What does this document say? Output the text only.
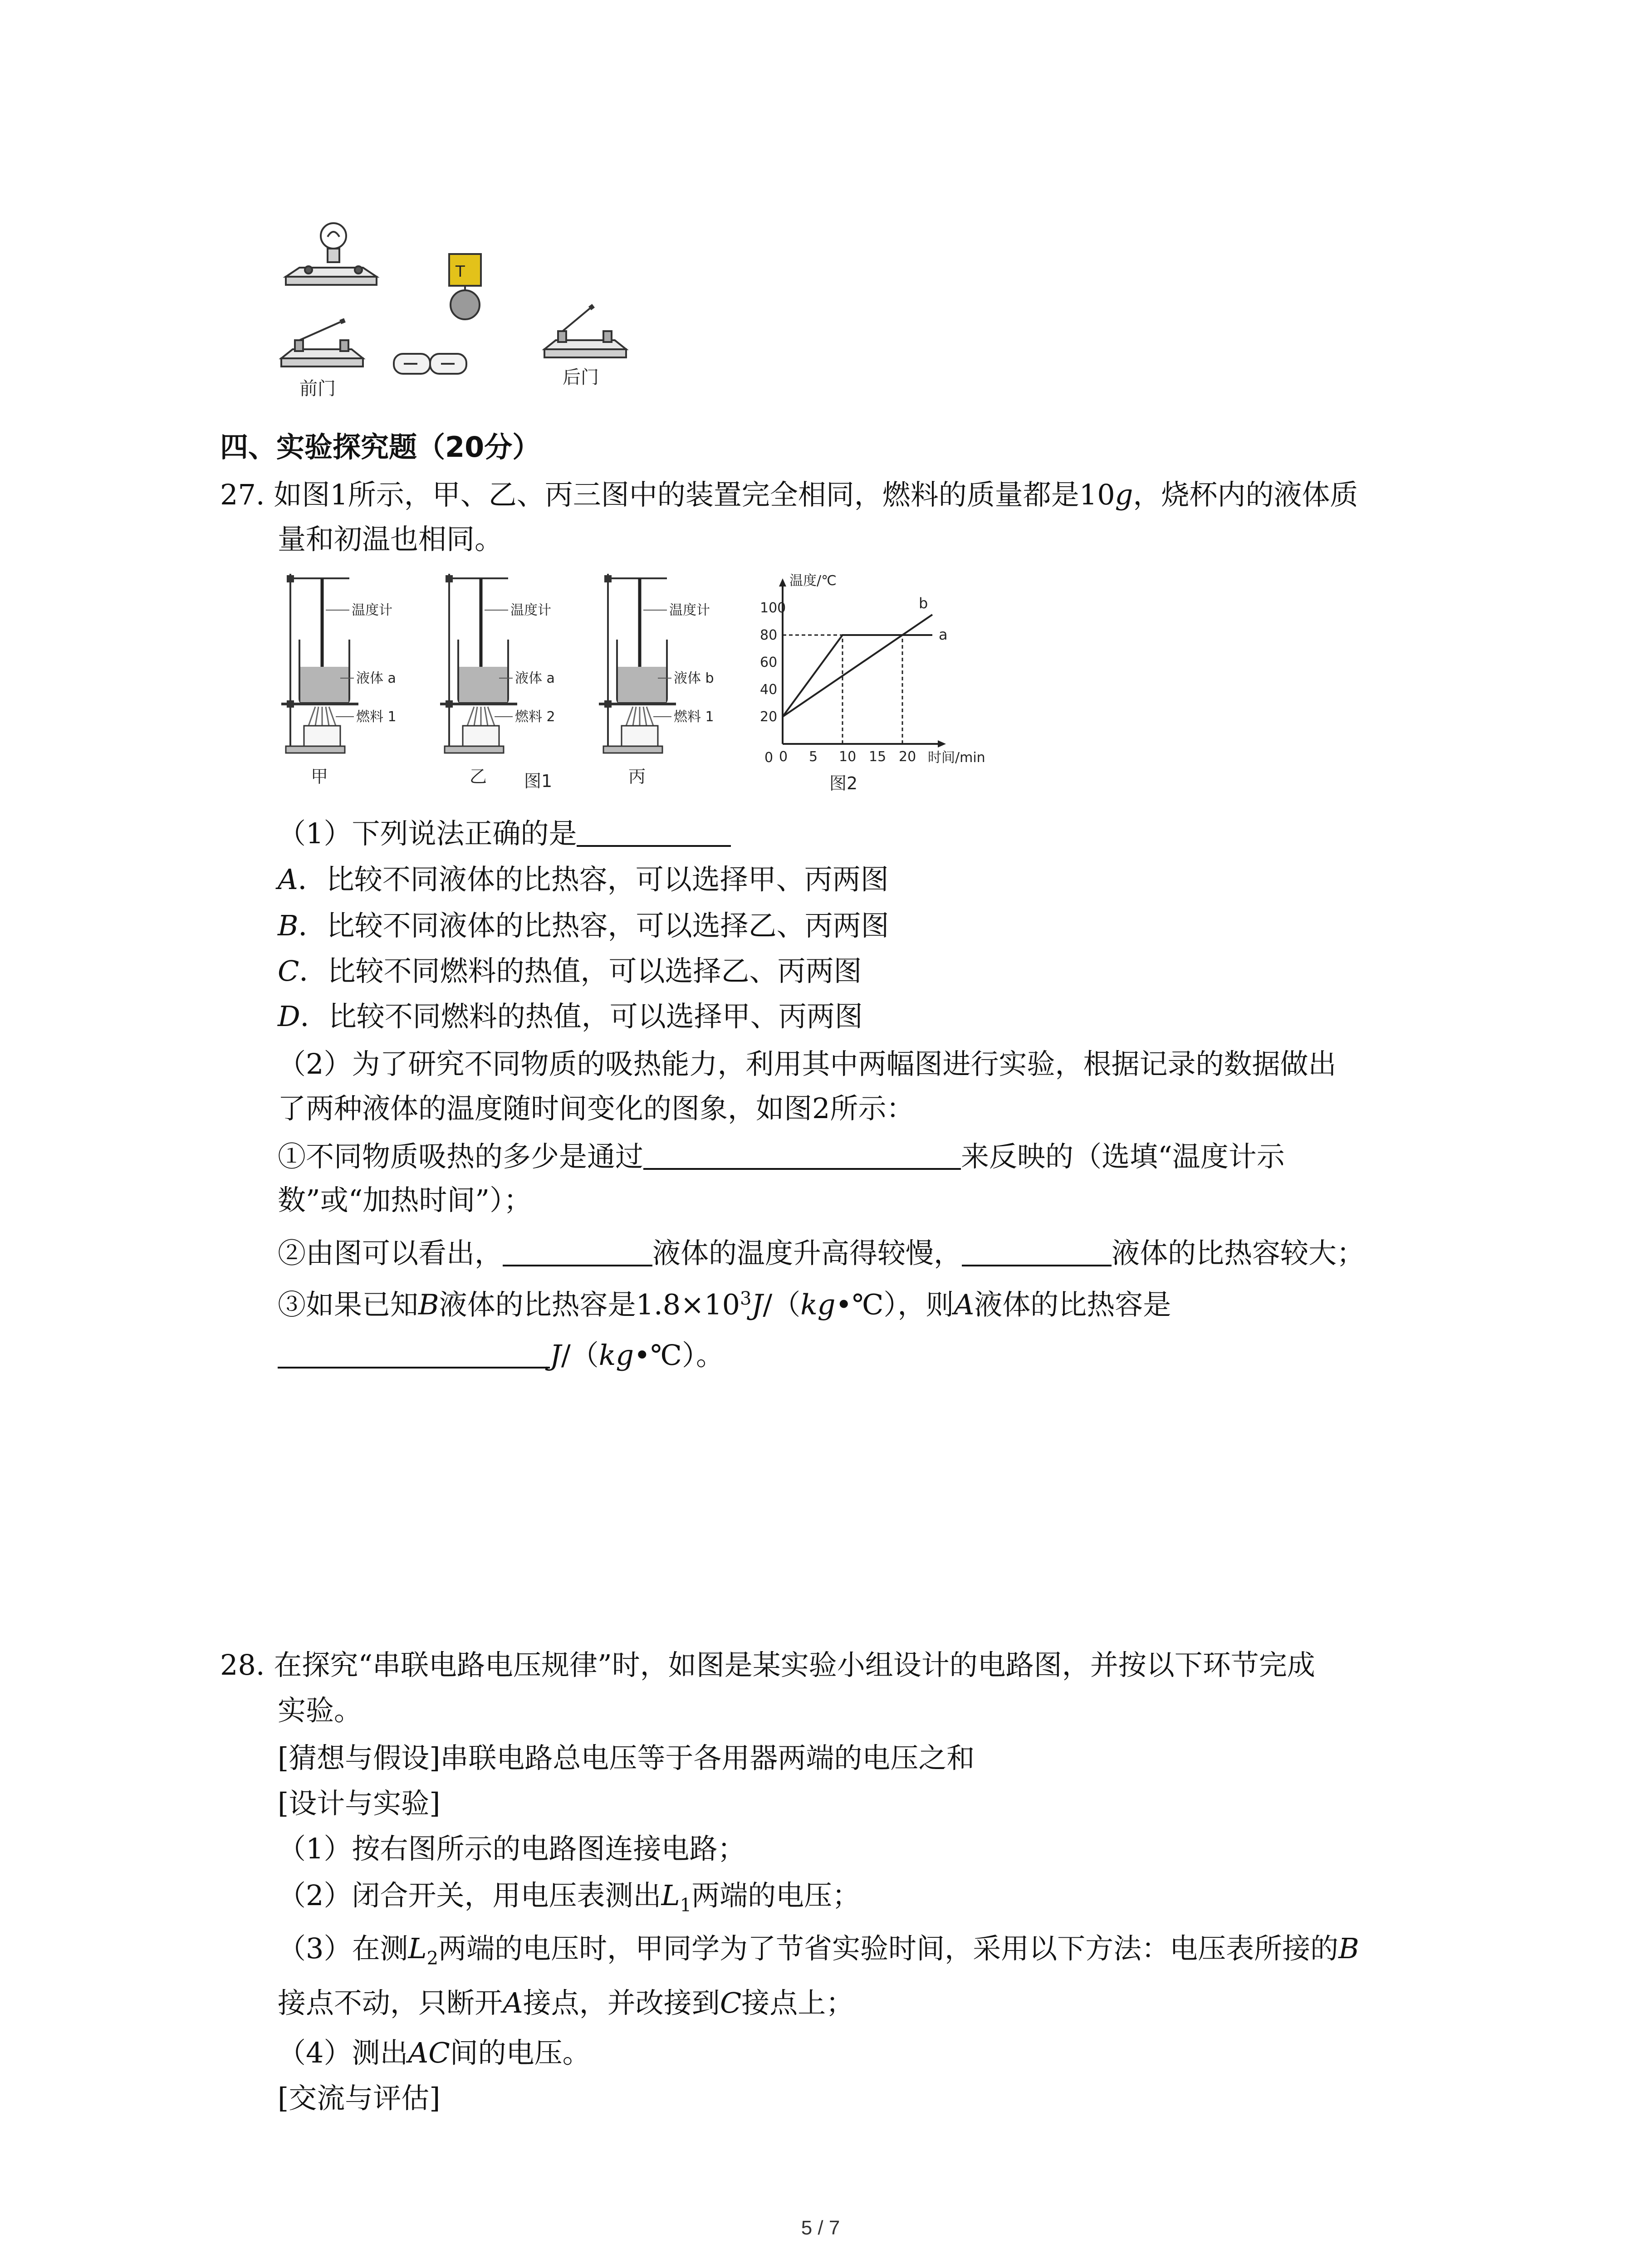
T
前门
后门
四、实验探究题（20分）
27. 如图1所示，甲、乙、丙三图中的装置完全相同，燃料的质量都是10g，烧杯内的液体质
量和初温也相同。
温度计
液体 a
燃料 1
甲
温度计
液体 a
燃料 2
乙
温度计
液体 b
燃料 1
丙
图1
0 5 10 15 20
20
40
60
80
100
0
温度/℃
时间/min
a
b
图2
（1）下列说法正确的是
A．比较不同液体的比热容，可以选择甲、丙两图
B．比较不同液体的比热容，可以选择乙、丙两图
C．比较不同燃料的热值，可以选择乙、丙两图
D．比较不同燃料的热值，可以选择甲、丙两图
（2）为了研究不同物质的吸热能力，利用其中两幅图进行实验，根据记录的数据做出
了两种液体的温度随时间变化的图象，如图2所示：
①不同物质吸热的多少是通过	来反映的（选填“温度计示
数”或“加热时间”）；
②由图可以看出，	液体的温度升高得较慢，	液体的比热容较大；
③如果已知B液体的比热容是$1.8\times 10^3J/(kg•℃)$，则A液体的比热容是
J/（kg•℃）。
28. 在探究“串联电路电压规律”时，如图是某实验小组设计的电路图，并按以下环节完成
实验。
[猜想与假设]串联电路总电压等于各用器两端的电压之和
[设计与实验]
（1）按右图所示的电路图连接电路；
（2）闭合开关，用电压表测出$L_1$两端的电压；
（3）在测$L_2$两端的电压时，甲同学为了节省实验时间，采用以下方法：电压表所接的B
接点不动，只断开A接点，并改接到C接点上；
（4）测出AC间的电压。
[交流与评估]
5 / 7
